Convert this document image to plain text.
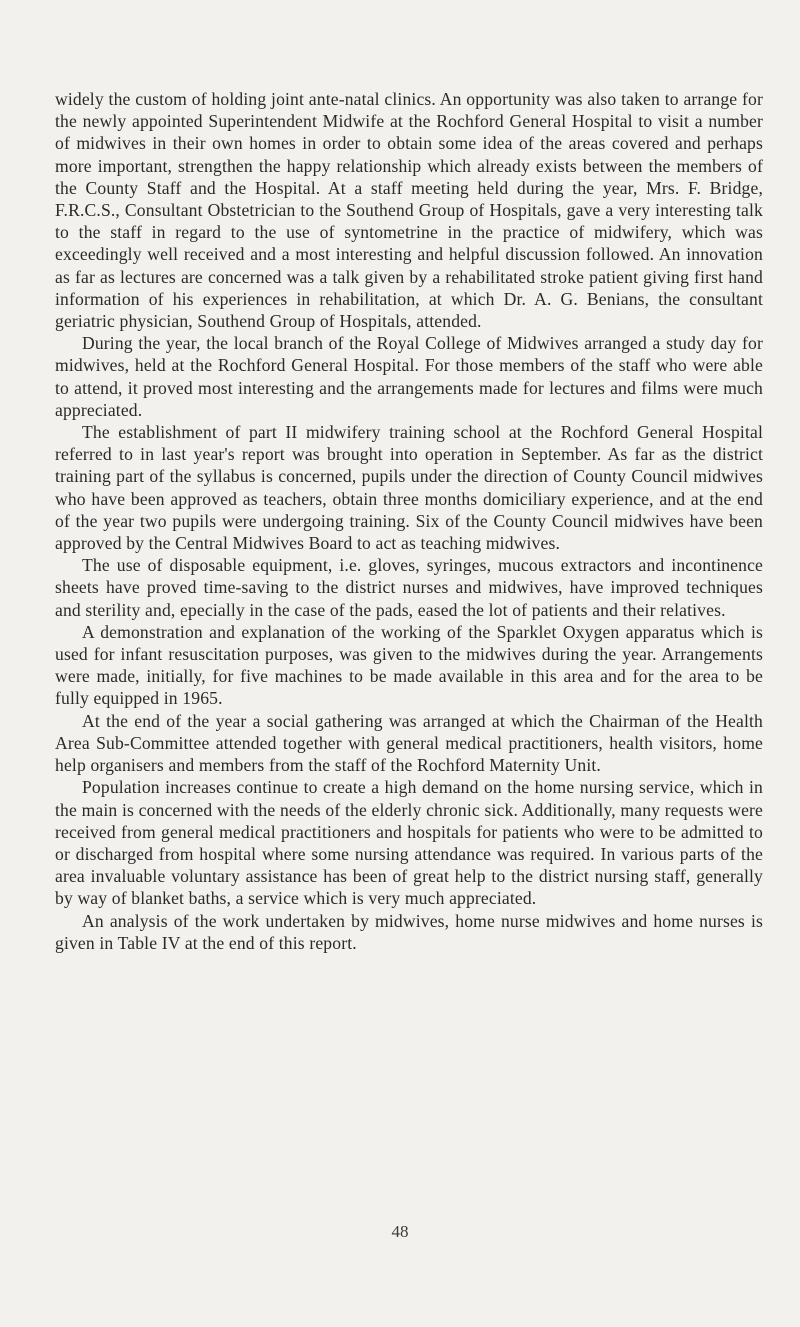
widely the custom of holding joint ante-natal clinics. An opportunity was also taken to arrange for the newly appointed Superintendent Midwife at the Rochford General Hospital to visit a number of midwives in their own homes in order to obtain some idea of the areas covered and perhaps more important, strengthen the happy relationship which already exists between the members of the County Staff and the Hospital. At a staff meeting held during the year, Mrs. F. Bridge, F.R.C.S., Consultant Obstetrician to the Southend Group of Hospitals, gave a very interesting talk to the staff in regard to the use of syntometrine in the practice of midwifery, which was exceedingly well received and a most interesting and helpful discussion followed. An innovation as far as lectures are concerned was a talk given by a rehabilitated stroke patient giving first hand information of his experiences in rehabilitation, at which Dr. A. G. Benians, the consultant geriatric physician, Southend Group of Hospitals, attended.

During the year, the local branch of the Royal College of Midwives arranged a study day for midwives, held at the Rochford General Hospital. For those members of the staff who were able to attend, it proved most interesting and the arrangements made for lectures and films were much appreciated.

The establishment of part II midwifery training school at the Rochford General Hospital referred to in last year's report was brought into operation in September. As far as the district training part of the syllabus is concerned, pupils under the direction of County Council midwives who have been approved as teachers, obtain three months domiciliary experience, and at the end of the year two pupils were undergoing training. Six of the County Council midwives have been approved by the Central Midwives Board to act as teaching midwives.

The use of disposable equipment, i.e. gloves, syringes, mucous extractors and incontinence sheets have proved time-saving to the district nurses and midwives, have improved techniques and sterility and, epecially in the case of the pads, eased the lot of patients and their relatives.

A demonstration and explanation of the working of the Sparklet Oxygen apparatus which is used for infant resuscitation purposes, was given to the midwives during the year. Arrangements were made, initially, for five machines to be made available in this area and for the area to be fully equipped in 1965.

At the end of the year a social gathering was arranged at which the Chairman of the Health Area Sub-Committee attended together with general medical practitioners, health visitors, home help organisers and members from the staff of the Rochford Maternity Unit.

Population increases continue to create a high demand on the home nursing service, which in the main is concerned with the needs of the elderly chronic sick. Additionally, many requests were received from general medical practitioners and hospitals for patients who were to be admitted to or discharged from hospital where some nursing attendance was required. In various parts of the area invaluable voluntary assistance has been of great help to the district nursing staff, generally by way of blanket baths, a service which is very much appreciated.

An analysis of the work undertaken by midwives, home nurse midwives and home nurses is given in Table IV at the end of this report.

48
